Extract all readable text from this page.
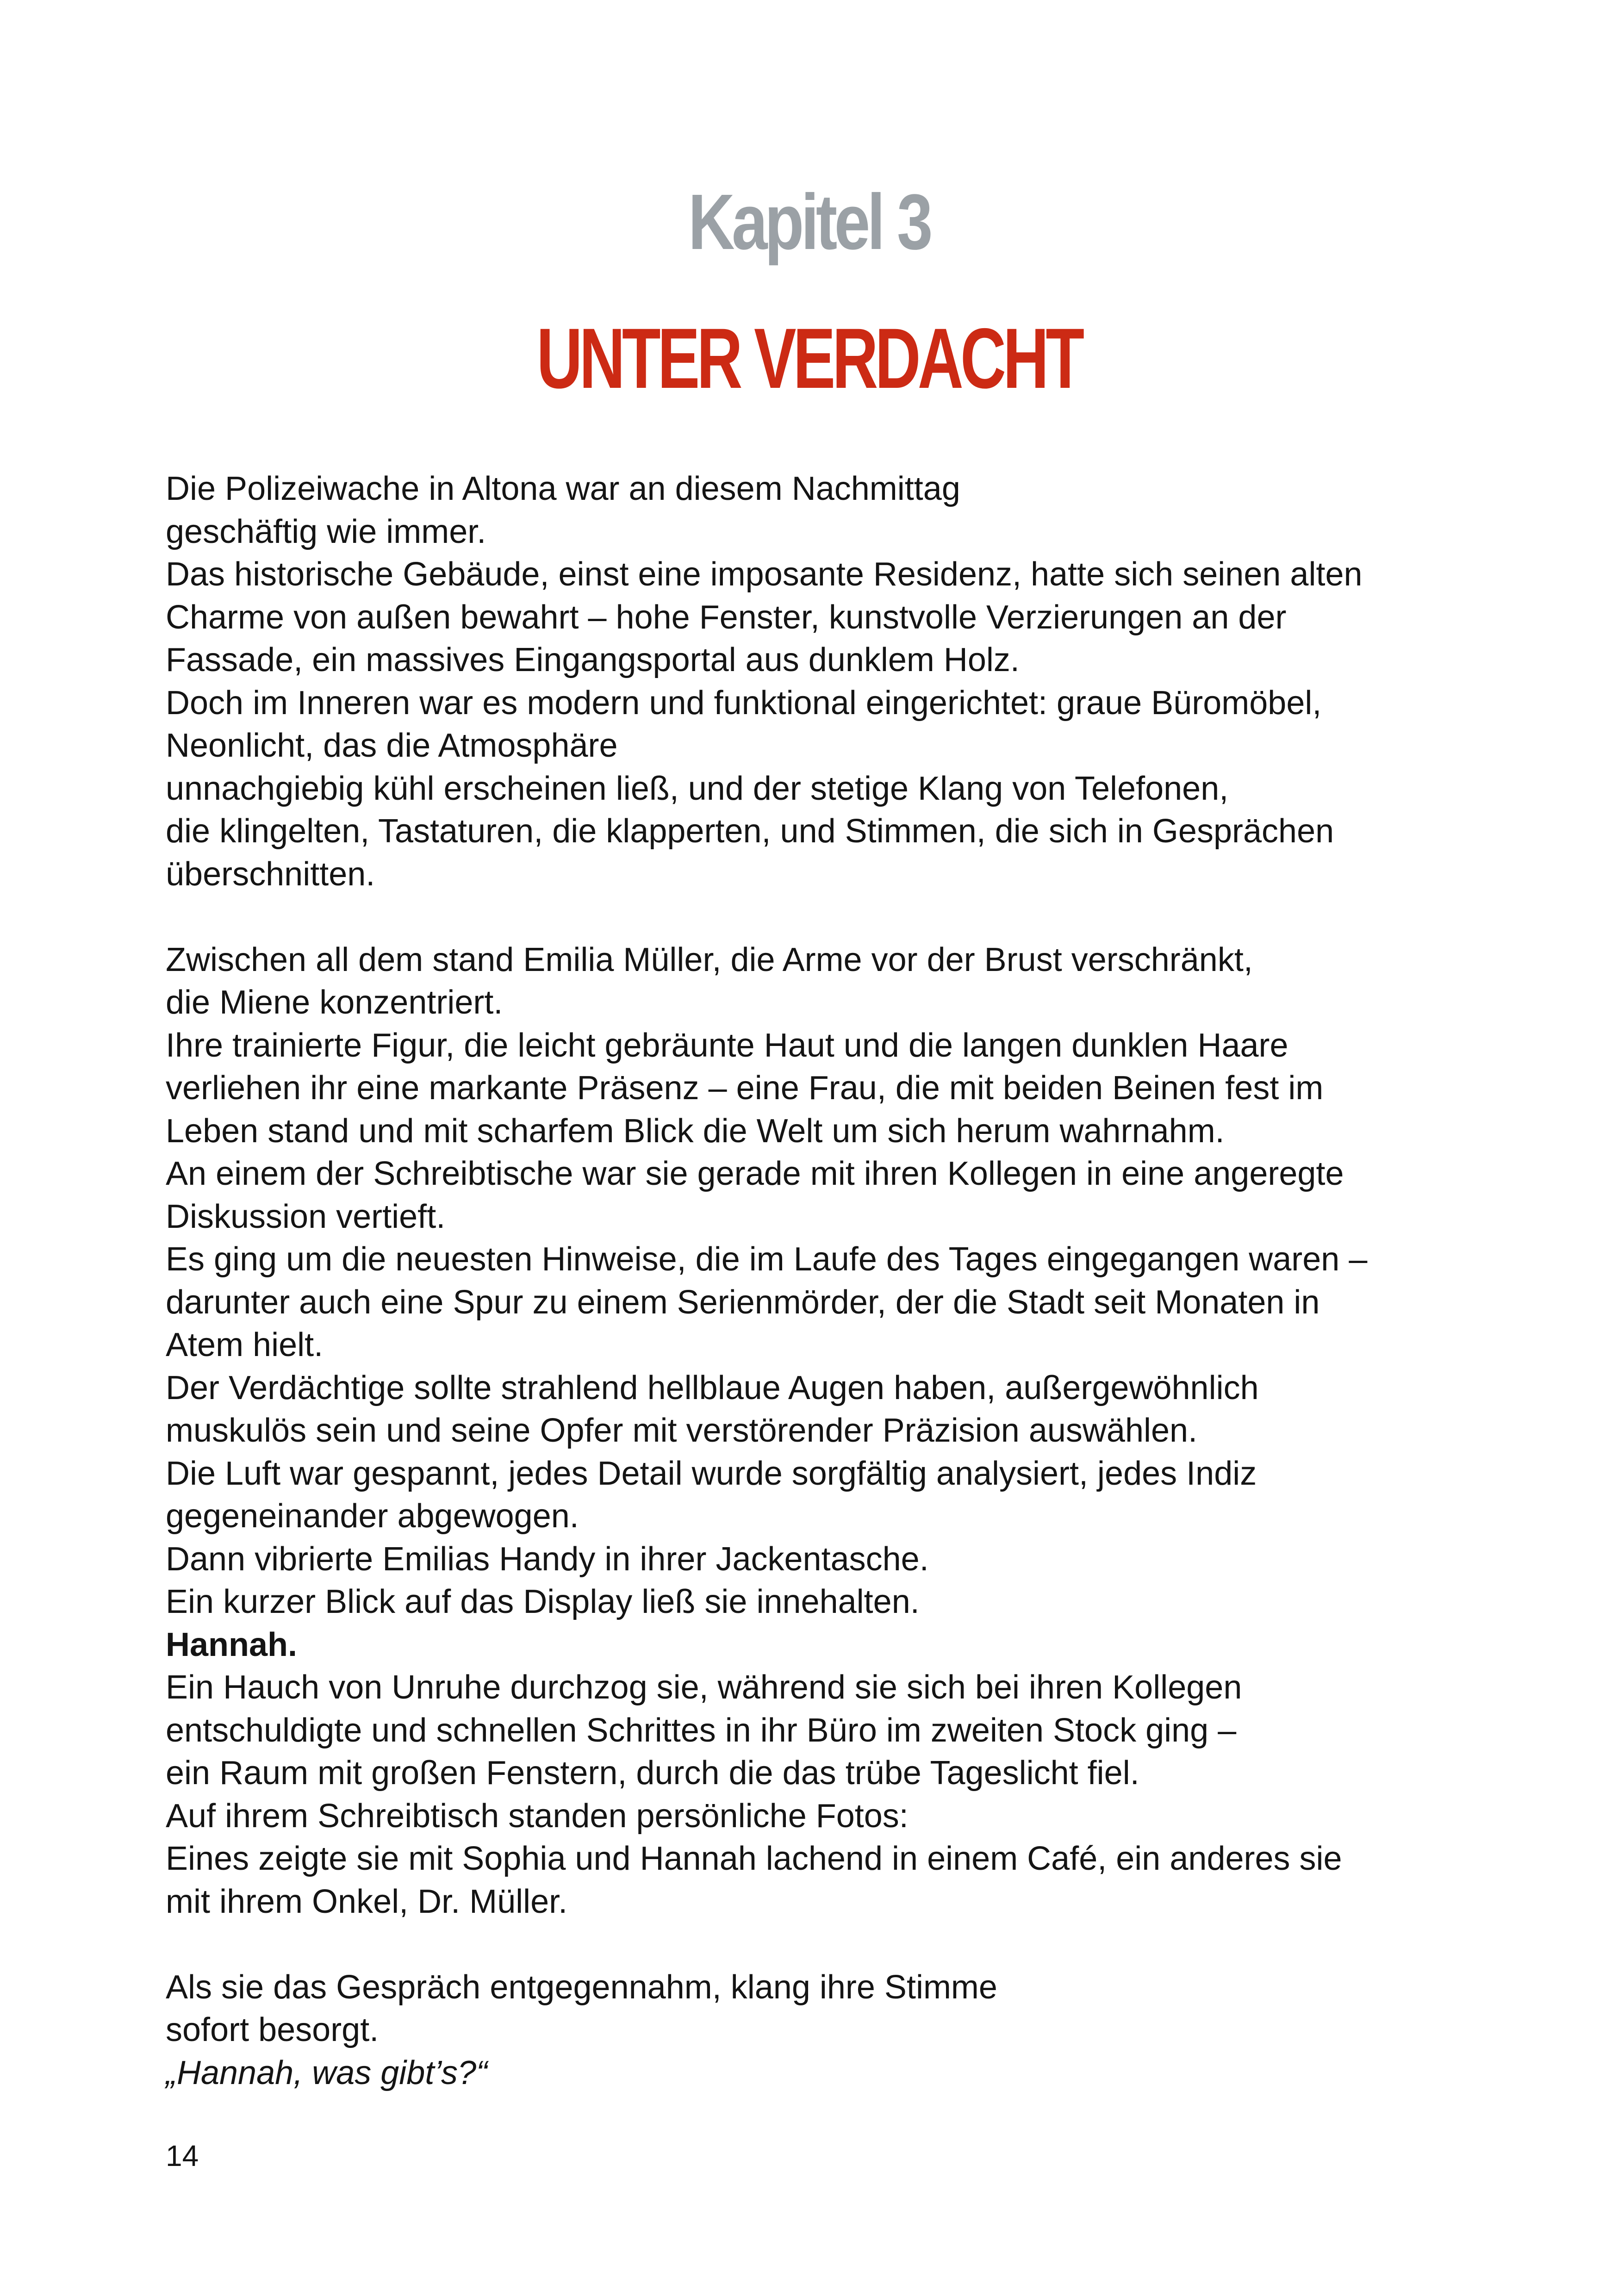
Kapitel 3
UNTER VERDACHT
Die Polizeiwache in Altona war an diesem Nachmittag
geschäftig wie immer.
Das historische Gebäude, einst eine imposante Residenz, hatte sich seinen alten
Charme von außen bewahrt – hohe Fenster, kunstvolle Verzierungen an der
Fassade, ein massives Eingangsportal aus dunklem Holz.
Doch im Inneren war es modern und funktional eingerichtet: graue Büromöbel,
Neonlicht, das die Atmosphäre
unnachgiebig kühl erscheinen ließ, und der stetige Klang von Telefonen,
die klingelten, Tastaturen, die klapperten, und Stimmen, die sich in Gesprächen
überschnitten.
Zwischen all dem stand Emilia Müller, die Arme vor der Brust verschränkt,
die Miene konzentriert.
Ihre trainierte Figur, die leicht gebräunte Haut und die langen dunklen Haare
verliehen ihr eine markante Präsenz – eine Frau, die mit beiden Beinen fest im
Leben stand und mit scharfem Blick die Welt um sich herum wahrnahm.
An einem der Schreibtische war sie gerade mit ihren Kollegen in eine angeregte
Diskussion vertieft.
Es ging um die neuesten Hinweise, die im Laufe des Tages eingegangen waren –
darunter auch eine Spur zu einem Serienmörder, der die Stadt seit Monaten in
Atem hielt.
Der Verdächtige sollte strahlend hellblaue Augen haben, außergewöhnlich
muskulös sein und seine Opfer mit verstörender Präzision auswählen.
Die Luft war gespannt, jedes Detail wurde sorgfältig analysiert, jedes Indiz
gegeneinander abgewogen.
Dann vibrierte Emilias Handy in ihrer Jackentasche.
Ein kurzer Blick auf das Display ließ sie innehalten.
Hannah.
Ein Hauch von Unruhe durchzog sie, während sie sich bei ihren Kollegen
entschuldigte und schnellen Schrittes in ihr Büro im zweiten Stock ging –
ein Raum mit großen Fenstern, durch die das trübe Tageslicht fiel.
Auf ihrem Schreibtisch standen persönliche Fotos:
Eines zeigte sie mit Sophia und Hannah lachend in einem Café, ein anderes sie
mit ihrem Onkel, Dr. Müller.
Als sie das Gespräch entgegennahm, klang ihre Stimme
sofort besorgt.
„Hannah, was gibt’s?“
14
